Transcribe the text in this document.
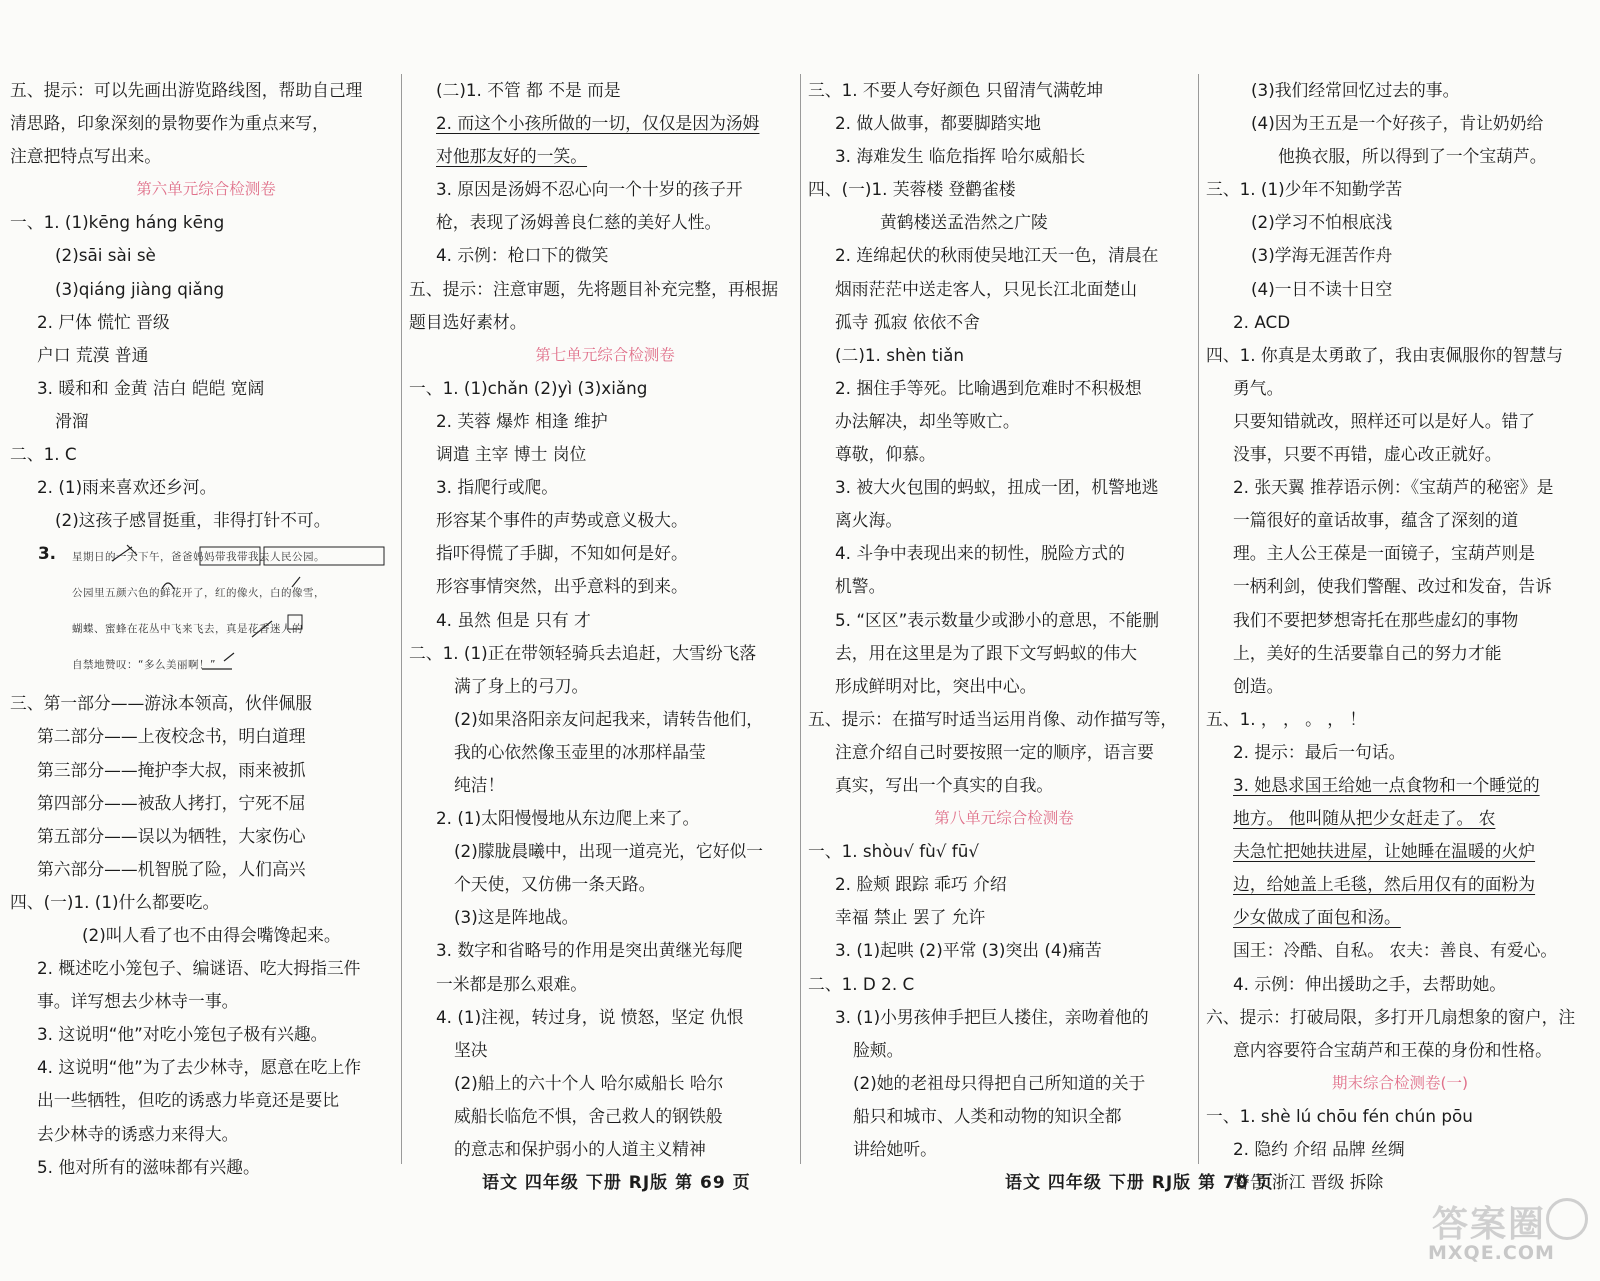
五、提示：可以先画出游览路线图，帮助自己理
清思路，印象深刻的景物要作为重点来写，
注意把特点写出来。
第六单元综合检测卷
一、1. (1)kēng háng kēng
(2)sāi sài sè
(3)qiáng jiàng qiǎng
2. 尸体 慌忙 晋级
户口 荒漠 普通
3. 暖和和 金黄 洁白 皑皑 宽阔
滑溜
二、1. C
2. (1)雨来喜欢还乡河。
(2)这孩子感冒挺重，非得打针不可。
3. 星期日的一天下午，爸爸妈妈带我带我去人民公园。
公园里五颜六色的鲜花开了，红的像火，白的像雪，
蝴蝶、蜜蜂在花丛中飞来飞去，真是花香迷人的
自禁地赞叹：“多么美丽啊！”
三、第一部分——游泳本领高，伙伴佩服
第二部分——上夜校念书，明白道理
第三部分——掩护李大叔，雨来被抓
第四部分——被敌人拷打，宁死不屈
第五部分——误以为牺牲，大家伤心
第六部分——机智脱了险，人们高兴
四、(一)1. (1)什么都要吃。
(2)叫人看了也不由得会嘴馋起来。
2. 概述吃小笼包子、编谜语、吃大拇指三件
事。详写想去少林寺一事。
3. 这说明“他”对吃小笼包子极有兴趣。
4. 这说明“他”为了去少林寺，愿意在吃上作
出一些牺牲，但吃的诱惑力毕竟还是要比
去少林寺的诱惑力来得大。
5. 他对所有的滋味都有兴趣。
(二)1. 不管 都 不是 而是
2. 而这个小孩所做的一切，仅仅是因为汤姆
对他那友好的一笑。
3. 原因是汤姆不忍心向一个十岁的孩子开
枪，表现了汤姆善良仁慈的美好人性。
4. 示例：枪口下的微笑
五、提示：注意审题，先将题目补充完整，再根据
题目选好素材。
第七单元综合检测卷
一、1. (1)chǎn (2)yì (3)xiǎng
2. 芙蓉 爆炸 相逢 维护
调遣 主宰 博士 岗位
3. 指爬行或爬。
形容某个事件的声势或意义极大。
指吓得慌了手脚，不知如何是好。
形容事情突然，出乎意料的到来。
4. 虽然 但是 只有 才
二、1. (1)正在带领轻骑兵去追赶，大雪纷飞落
满了身上的弓刀。
(2)如果洛阳亲友问起我来，请转告他们，
我的心依然像玉壶里的冰那样晶莹
纯洁！
2. (1)太阳慢慢地从东边爬上来了。
(2)朦胧晨曦中，出现一道亮光，它好似一
个天使，又仿佛一条天路。
(3)这是阵地战。
3. 数字和省略号的作用是突出黄继光每爬
一米都是那么艰难。
4. (1)注视，转过身，说 愤怒，坚定 仇恨
坚决
(2)船上的六十个人 哈尔威船长 哈尔
威船长临危不惧，舍己救人的钢铁般
的意志和保护弱小的人道主义精神
三、1. 不要人夸好颜色 只留清气满乾坤
2. 做人做事，都要脚踏实地
3. 海难发生 临危指挥 哈尔威船长
四、(一)1. 芙蓉楼 登鹳雀楼
黄鹤楼送孟浩然之广陵
2. 连绵起伏的秋雨使吴地江天一色，清晨在
烟雨茫茫中送走客人，只见长江北面楚山
孤寺 孤寂 依依不舍
(二)1. shèn tiǎn
2. 捆住手等死。比喻遇到危难时不积极想
办法解决，却坐等败亡。
尊敬，仰慕。
3. 被大火包围的蚂蚁，扭成一团，机警地逃
离火海。
4. 斗争中表现出来的韧性，脱险方式的
机警。
5. “区区”表示数量少或渺小的意思，不能删
去，用在这里是为了跟下文写蚂蚁的伟大
形成鲜明对比，突出中心。
五、提示：在描写时适当运用肖像、动作描写等，
注意介绍自己时要按照一定的顺序，语言要
真实，写出一个真实的自我。
第八单元综合检测卷
一、1. shòu√ fù√ fū√
2. 脸颊 跟踪 乖巧 介绍
幸福 禁止 罢了 允许
3. (1)起哄 (2)平常 (3)突出 (4)痛苦
二、1. D 2. C
3. (1)小男孩伸手把巨人搂住，亲吻着他的
脸颊。
(2)她的老祖母只得把自己所知道的关于
船只和城市、人类和动物的知识全都
讲给她听。
(3)我们经常回忆过去的事。
(4)因为王五是一个好孩子，肯让奶奶给
他换衣服，所以得到了一个宝葫芦。
三、1. (1)少年不知勤学苦
(2)学习不怕根底浅
(3)学海无涯苦作舟
(4)一日不读十日空
2. ACD
四、1. 你真是太勇敢了，我由衷佩服你的智慧与
勇气。
只要知错就改，照样还可以是好人。错了
没事，只要不再错，虚心改正就好。
2. 张天翼 推荐语示例：《宝葫芦的秘密》是
一篇很好的童话故事，蕴含了深刻的道
理。主人公王葆是一面镜子，宝葫芦则是
一柄利剑，使我们警醒、改过和发奋，告诉
我们不要把梦想寄托在那些虚幻的事物
上，美好的生活要靠自己的努力才能
创造。
五、1. ， ， 。 ， ！
2. 提示：最后一句话。
3. 她恳求国王给她一点食物和一个睡觉的
地方。 他叫随从把少女赶走了。 农
夫急忙把她扶进屋，让她睡在温暖的火炉
边，给她盖上毛毯，然后用仅有的面粉为
少女做成了面包和汤。
国王：冷酷、自私。 农夫：善良、有爱心。
4. 示例：伸出援助之手，去帮助她。
六、提示：打破局限，多打开几扇想象的窗户，注
意内容要符合宝葫芦和王葆的身份和性格。
期末综合检测卷(一)
一、1. shè lú chōu fén chún pōu
2. 隐约 介绍 品牌 丝绸
警告 浙江 晋级 拆除
语文 四年级 下册 RJ版 第 69 页	语文 四年级 下册 RJ版 第 70 页
答案圈
MXQE.COM
